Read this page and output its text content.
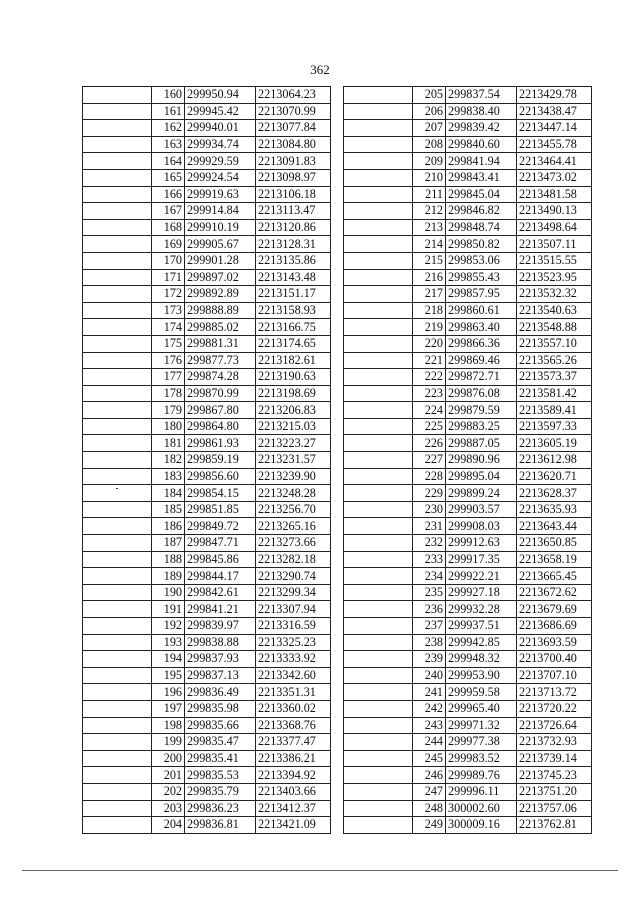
362
	160	299950.94	2213064.23
	161	299945.42	2213070.99
	162	299940.01	2213077.84
	163	299934.74	2213084.80
	164	299929.59	2213091.83
	165	299924.54	2213098.97
	166	299919.63	2213106.18
	167	299914.84	2213113.47
	168	299910.19	2213120.86
	169	299905.67	2213128.31
	170	299901.28	2213135.86
	171	299897.02	2213143.48
	172	299892.89	2213151.17
	173	299888.89	2213158.93
	174	299885.02	2213166.75
	175	299881.31	2213174.65
	176	299877.73	2213182.61
	177	299874.28	2213190.63
	178	299870.99	2213198.69
	179	299867.80	2213206.83
	180	299864.80	2213215.03
	181	299861.93	2213223.27
	182	299859.19	2213231.57
	183	299856.60	2213239.90
	184	299854.15	2213248.28
	185	299851.85	2213256.70
	186	299849.72	2213265.16
	187	299847.71	2213273.66
	188	299845.86	2213282.18
	189	299844.17	2213290.74
	190	299842.61	2213299.34
	191	299841.21	2213307.94
	192	299839.97	2213316.59
	193	299838.88	2213325.23
	194	299837.93	2213333.92
	195	299837.13	2213342.60
	196	299836.49	2213351.31
	197	299835.98	2213360.02
	198	299835.66	2213368.76
	199	299835.47	2213377.47
	200	299835.41	2213386.21
	201	299835.53	2213394.92
	202	299835.79	2213403.66
	203	299836.23	2213412.37
	204	299836.81	2213421.09
	205	299837.54	2213429.78
	206	299838.40	2213438.47
	207	299839.42	2213447.14
	208	299840.60	2213455.78
	209	299841.94	2213464.41
	210	299843.41	2213473.02
	211	299845.04	2213481.58
	212	299846.82	2213490.13
	213	299848.74	2213498.64
	214	299850.82	2213507.11
	215	299853.06	2213515.55
	216	299855.43	2213523.95
	217	299857.95	2213532.32
	218	299860.61	2213540.63
	219	299863.40	2213548.88
	220	299866.36	2213557.10
	221	299869.46	2213565.26
	222	299872.71	2213573.37
	223	299876.08	2213581.42
	224	299879.59	2213589.41
	225	299883.25	2213597.33
	226	299887.05	2213605.19
	227	299890.96	2213612.98
	228	299895.04	2213620.71
	229	299899.24	2213628.37
	230	299903.57	2213635.93
	231	299908.03	2213643.44
	232	299912.63	2213650.85
	233	299917.35	2213658.19
	234	299922.21	2213665.45
	235	299927.18	2213672.62
	236	299932.28	2213679.69
	237	299937.51	2213686.69
	238	299942.85	2213693.59
	239	299948.32	2213700.40
	240	299953.90	2213707.10
	241	299959.58	2213713.72
	242	299965.40	2213720.22
	243	299971.32	2213726.64
	244	299977.38	2213732.93
	245	299983.52	2213739.14
	246	299989.76	2213745.23
	247	299996.11	2213751.20
	248	300002.60	2213757.06
	249	300009.16	2213762.81
